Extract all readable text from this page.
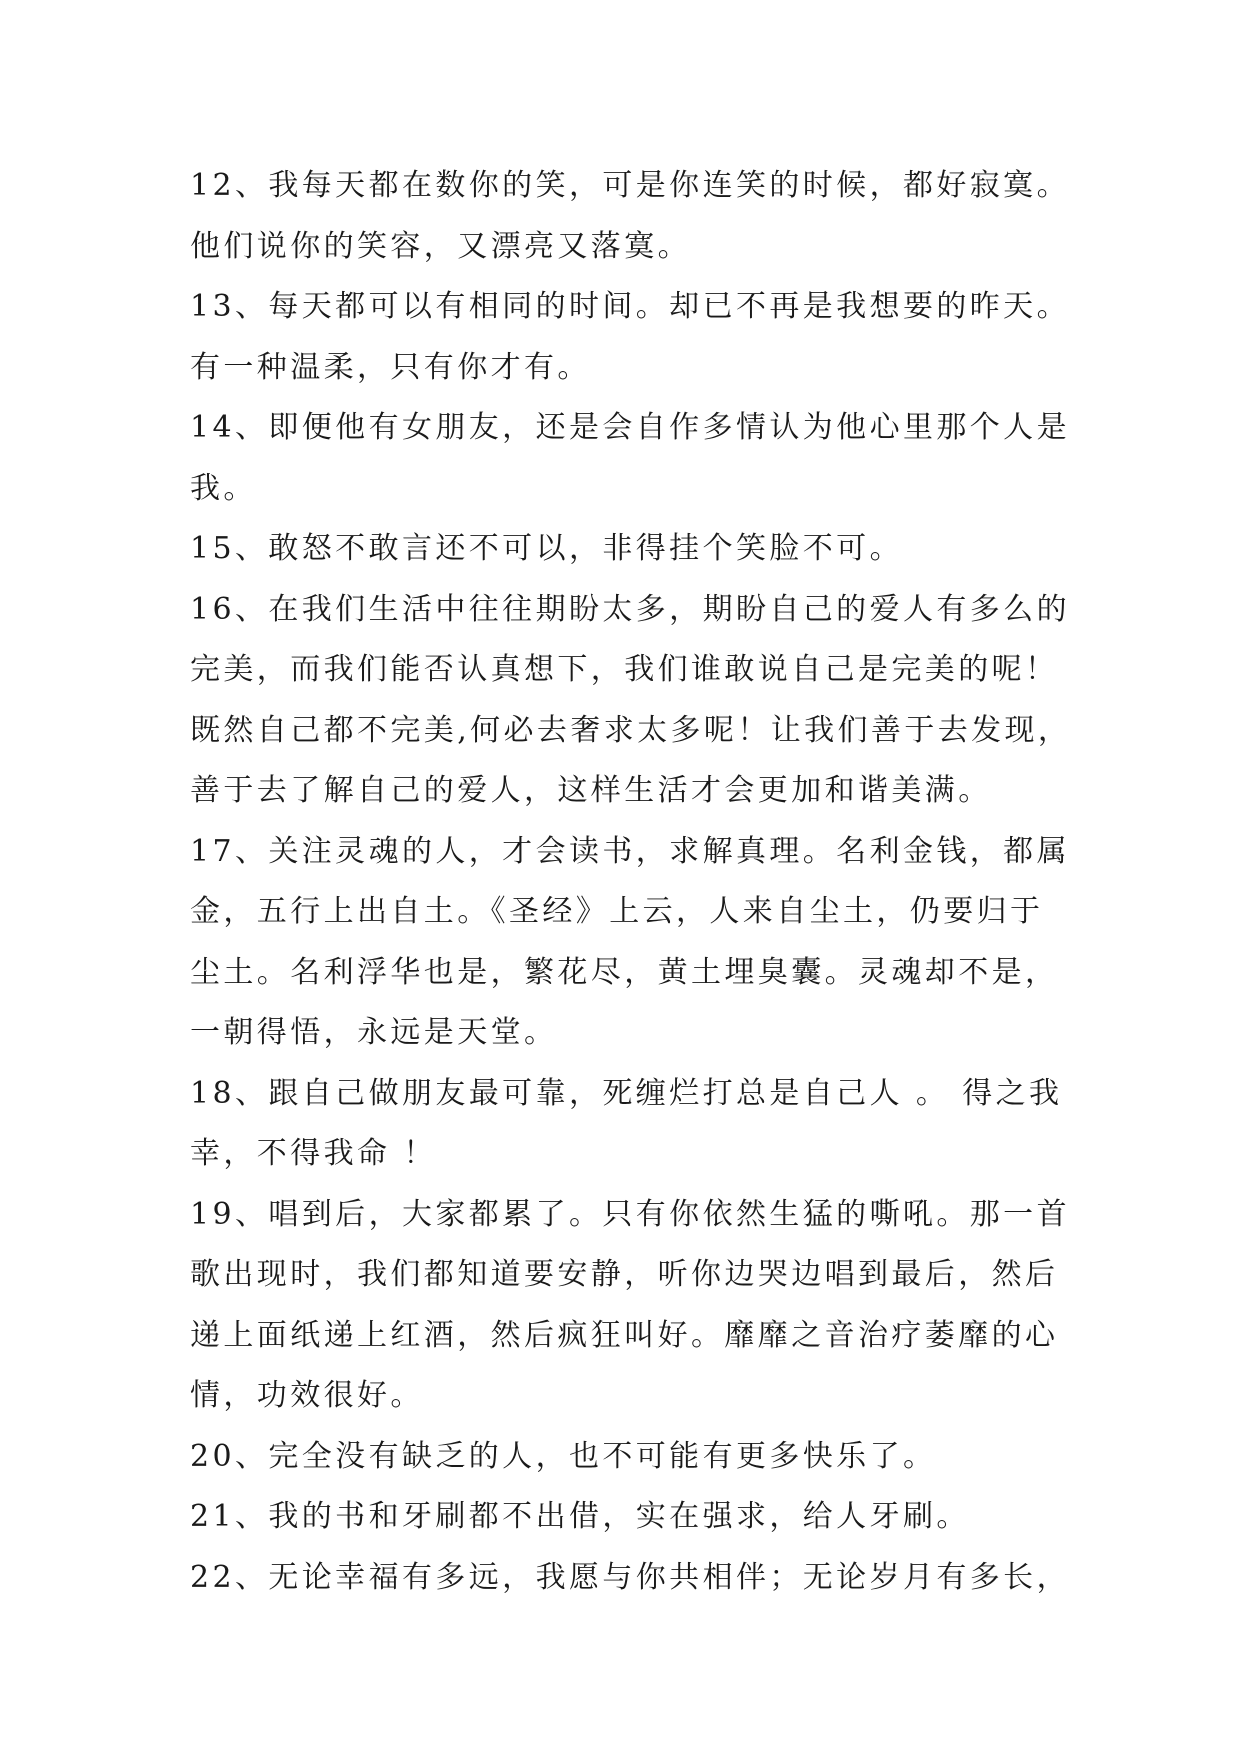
12、我每天都在数你的笑，可是你连笑的时候，都好寂寞。
他们说你的笑容，又漂亮又落寞。
13、每天都可以有相同的时间。却已不再是我想要的昨天。
有一种温柔，只有你才有。
14、即便他有女朋友，还是会自作多情认为他心里那个人是
我。
15、敢怒不敢言还不可以，非得挂个笑脸不可。
16、在我们生活中往往期盼太多，期盼自己的爱人有多么的
完美，而我们能否认真想下，我们谁敢说自己是完美的呢！
既然自己都不完美,何必去奢求太多呢！让我们善于去发现，
善于去了解自己的爱人，这样生活才会更加和谐美满。
17、关注灵魂的人，才会读书，求解真理。名利金钱，都属
金，五行上出自土。《圣经》上云，人来自尘土，仍要归于
尘土。名利浮华也是，繁花尽，黄土埋臭囊。灵魂却不是，
一朝得悟，永远是天堂。
18、跟自己做朋友最可靠，死缠烂打总是自己人 。 得之我
幸，不得我命 ！
19、唱到后，大家都累了。只有你依然生猛的嘶吼。那一首
歌出现时，我们都知道要安静，听你边哭边唱到最后，然后
递上面纸递上红酒，然后疯狂叫好。靡靡之音治疗萎靡的心
情，功效很好。
20、完全没有缺乏的人，也不可能有更多快乐了。
21、我的书和牙刷都不出借，实在强求，给人牙刷。
22、无论幸福有多远，我愿与你共相伴；无论岁月有多长，
